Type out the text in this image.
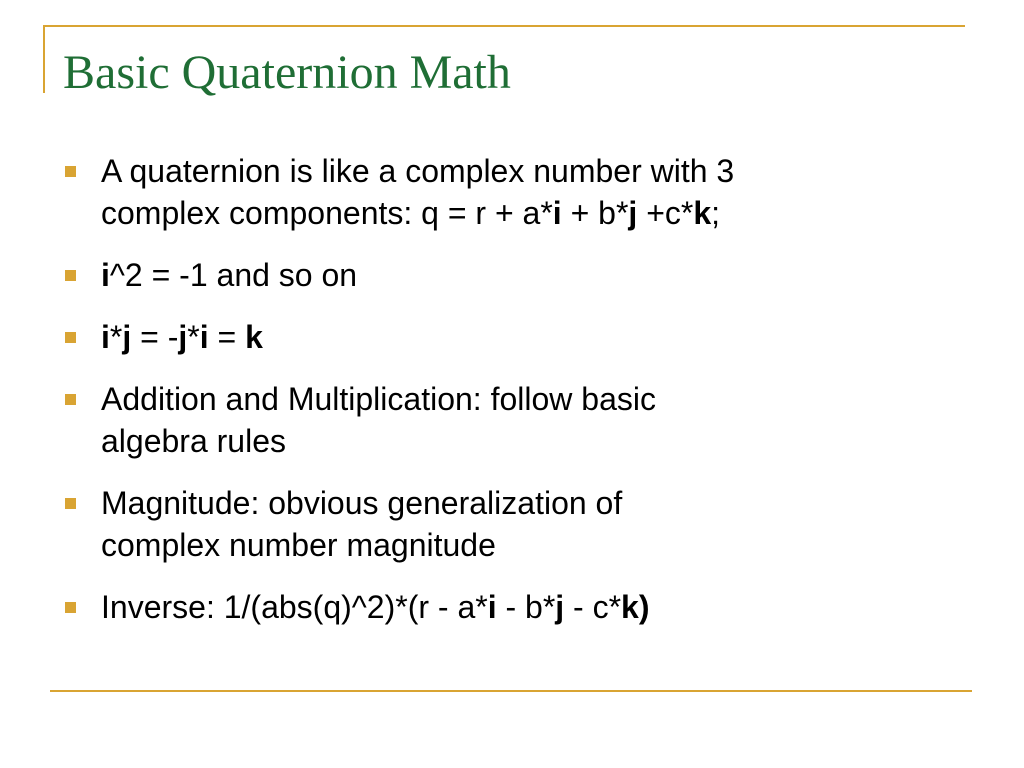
Basic Quaternion Math
A quaternion is like a complex number with 3
complex components: q = r + a*i + b*j +c*k;
i^2 = -1 and so on
i*j = -j*i = k
Addition and Multiplication: follow basic
algebra rules
Magnitude: obvious generalization of
complex number magnitude
Inverse: 1/(abs(q)^2)*(r - a*i - b*j - c*k)
